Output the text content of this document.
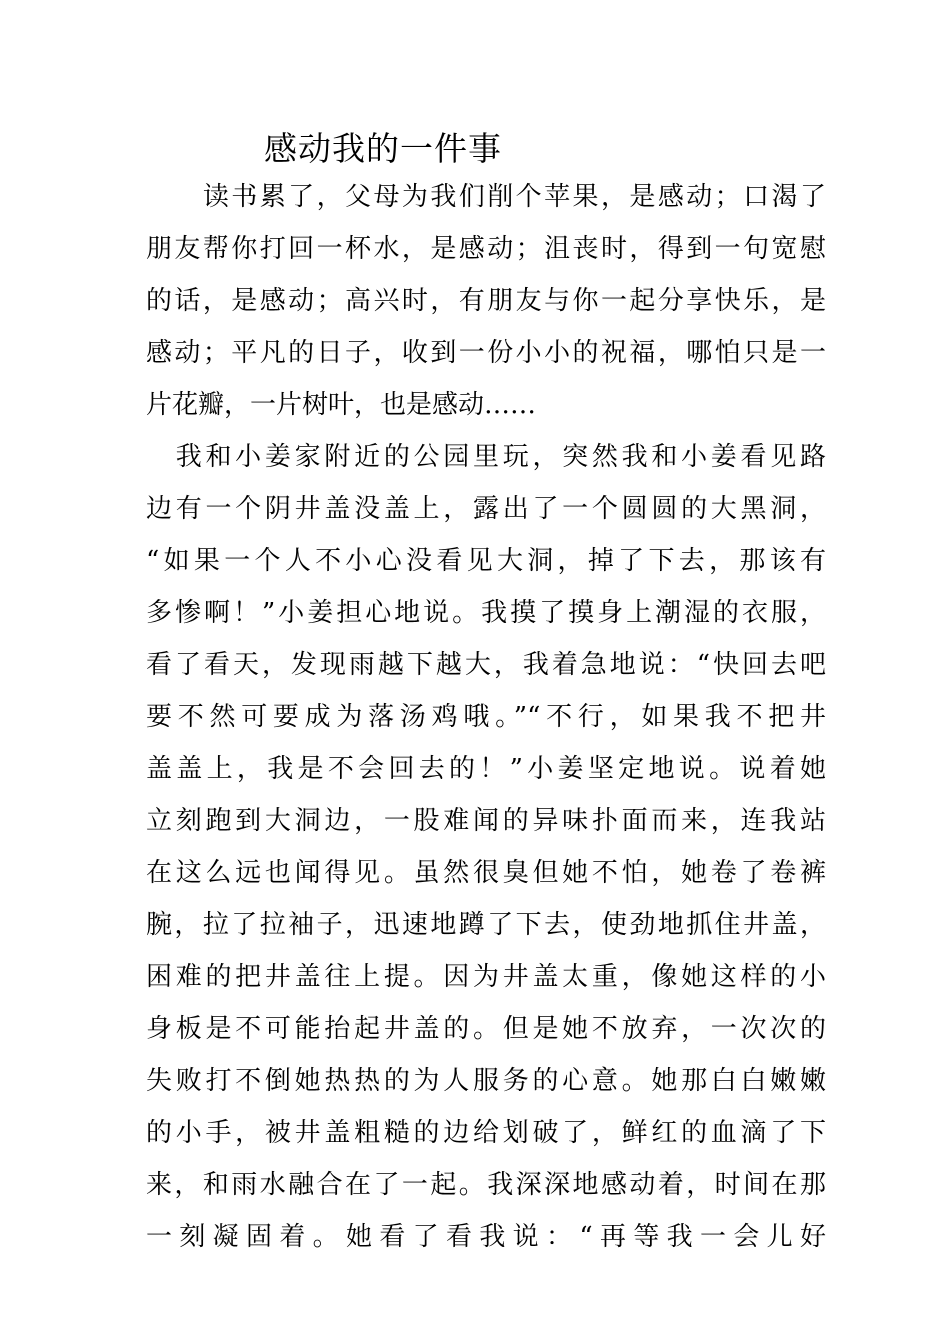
感动我的一件事
　　读书累了，父母为我们削个苹果，是感动；口渴了
朋友帮你打回一杯水，是感动；沮丧时，得到一句宽慰
的话，是感动；高兴时，有朋友与你一起分享快乐，是
感动；平凡的日子，收到一份小小的祝福，哪怕只是一
片花瓣，一片树叶，也是感动……
　我和小姜家附近的公园里玩，突然我和小姜看见路
边有一个阴井盖没盖上，露出了一个圆圆的大黑洞，
“如果一个人不小心没看见大洞，掉了下去，那该有
多惨啊！”小姜担心地说。我摸了摸身上潮湿的衣服，
看了看天，发现雨越下越大，我着急地说：“快回去吧
要不然可要成为落汤鸡哦。”“不行，如果我不把井
盖盖上，我是不会回去的！”小姜坚定地说。说着她
立刻跑到大洞边，一股难闻的异味扑面而来，连我站
在这么远也闻得见。虽然很臭但她不怕，她卷了卷裤
腕，拉了拉袖子，迅速地蹲了下去，使劲地抓住井盖，
困难的把井盖往上提。因为井盖太重，像她这样的小
身板是不可能抬起井盖的。但是她不放弃，一次次的
失败打不倒她热热的为人服务的心意。她那白白嫩嫩
的小手，被井盖粗糙的边给划破了，鲜红的血滴了下
来，和雨水融合在了一起。我深深地感动着，时间在那
一刻凝固着。她看了看我说：“再等我一会儿好
